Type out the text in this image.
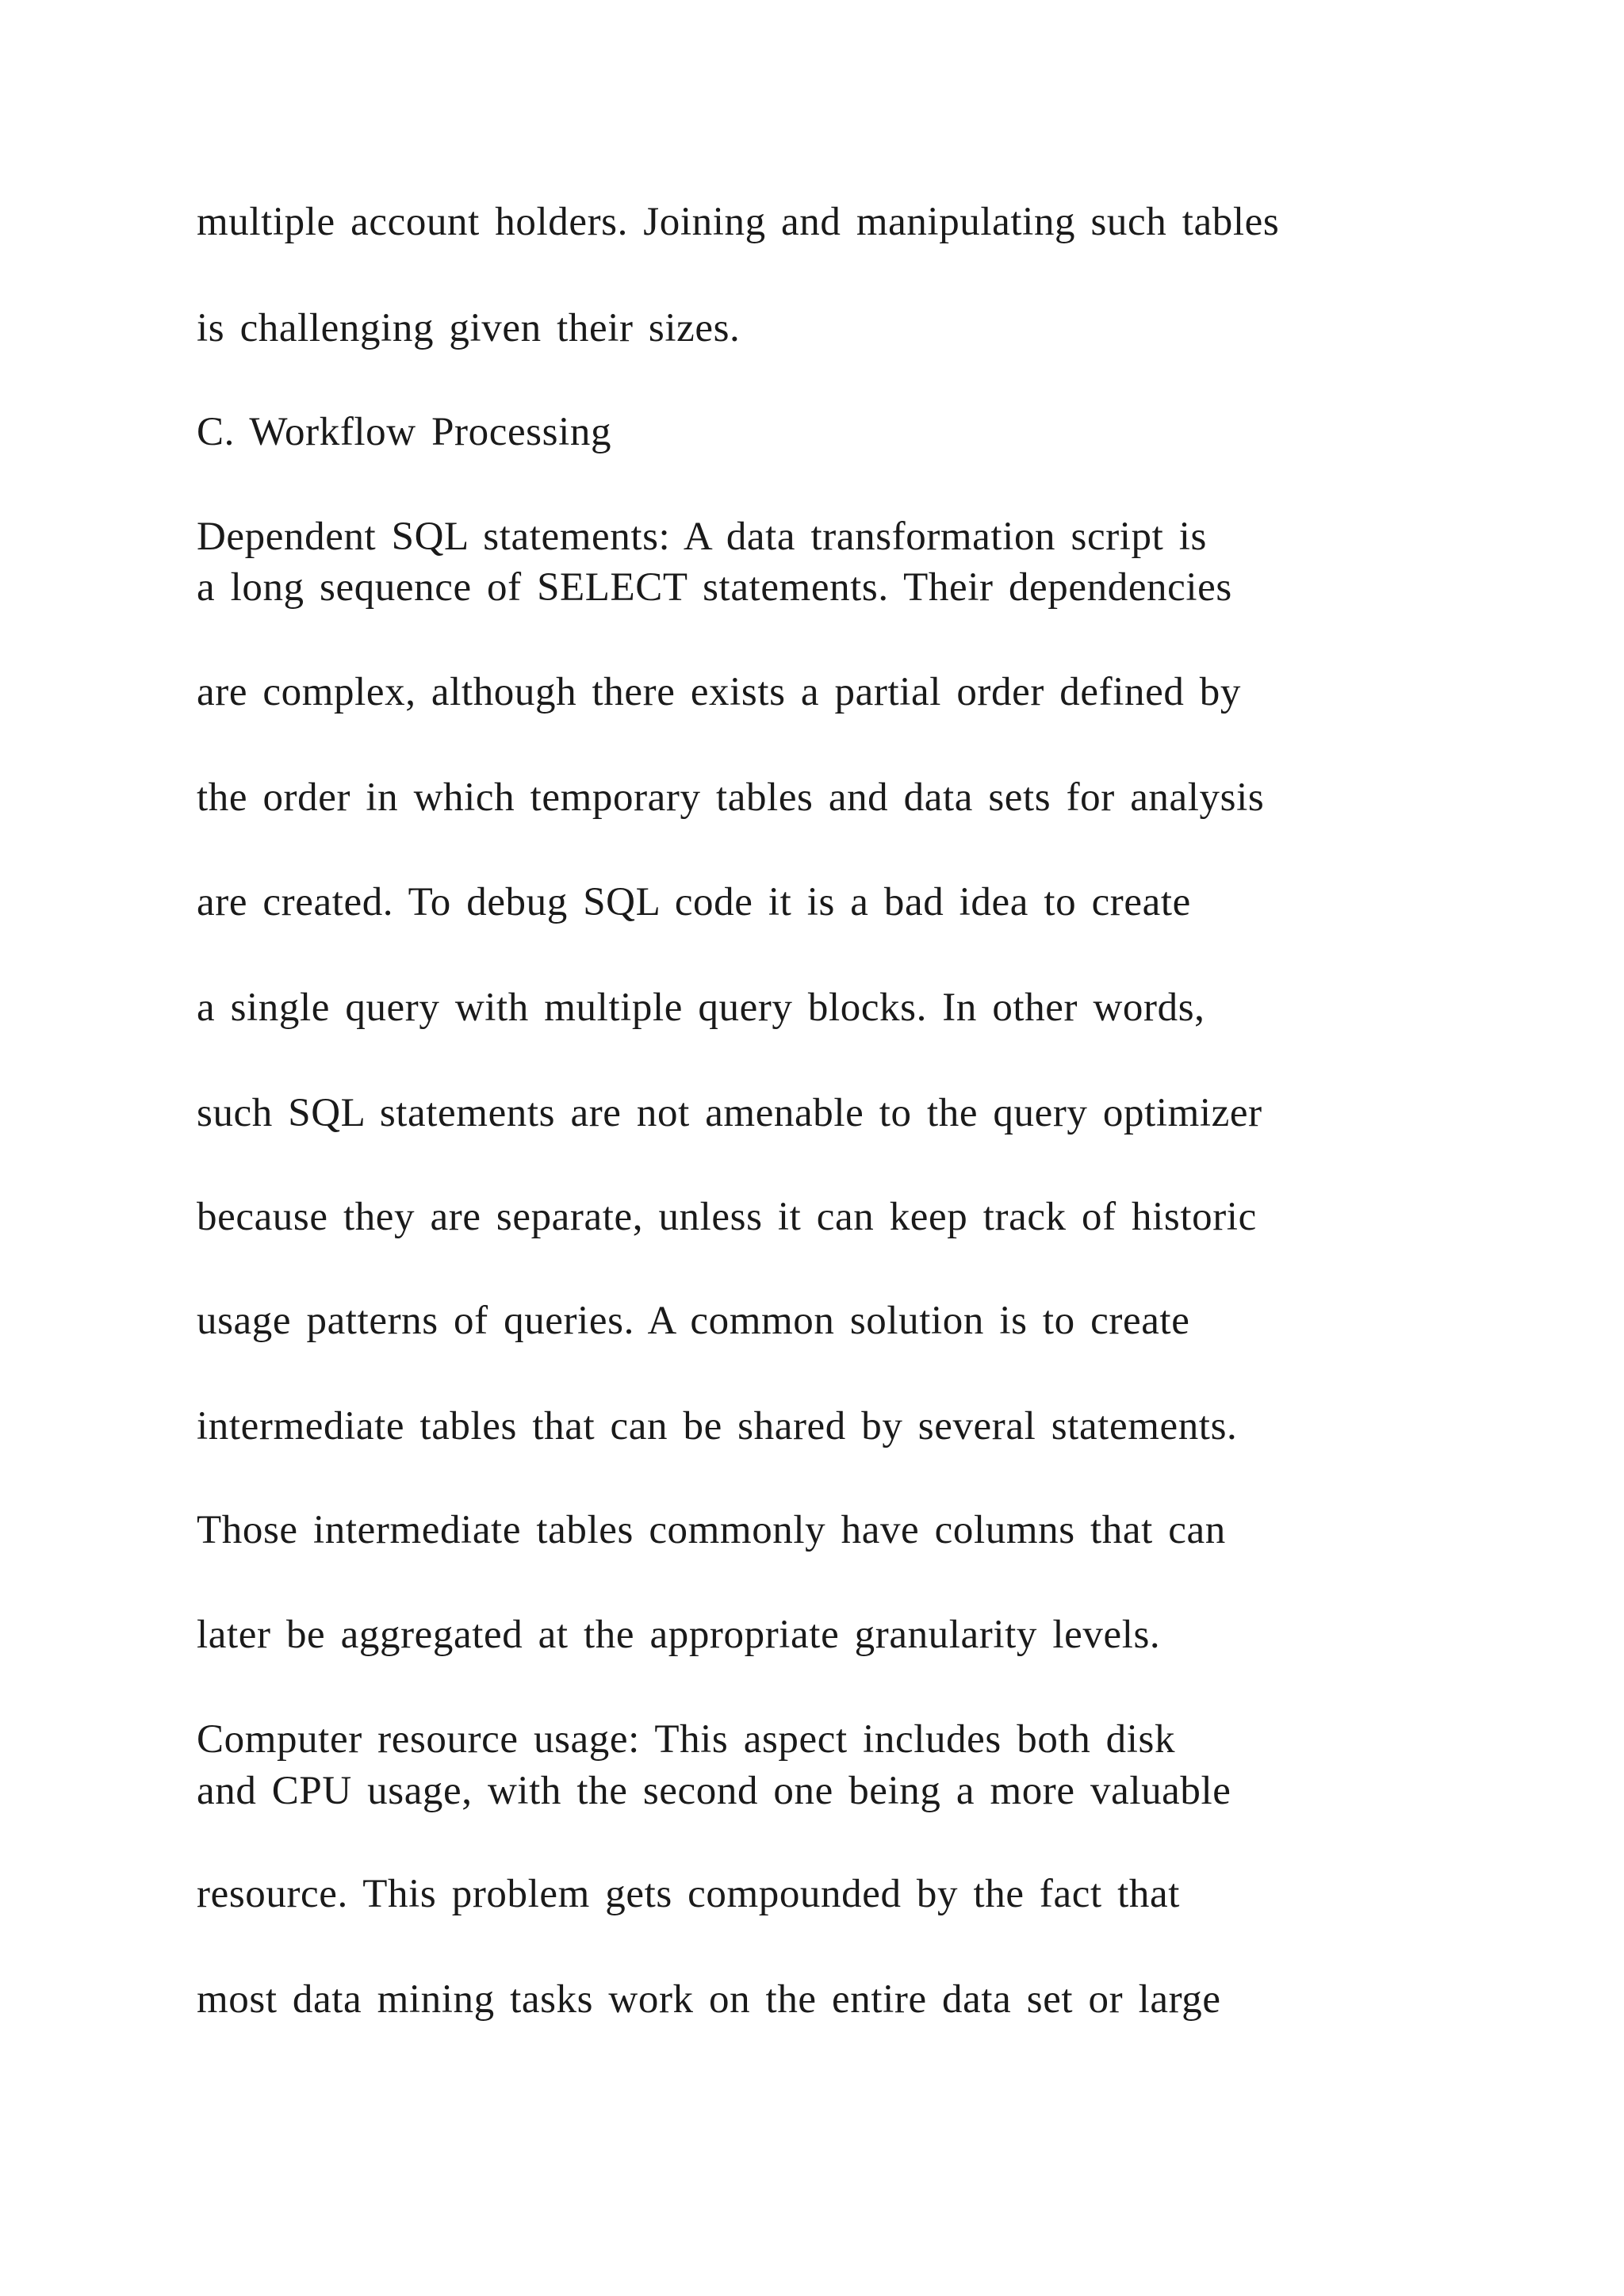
multiple account holders. Joining and manipulating such tables

is challenging given their sizes.

C. Workflow Processing

Dependent SQL statements: A data transformation script is

a long sequence of SELECT statements. Their dependencies

are complex, although there exists a partial order defined by

the order in which temporary tables and data sets for analysis

are created. To debug SQL code it is a bad idea to create

a single query with multiple query blocks. In other words,

such SQL statements are not amenable to the query optimizer

because they are separate, unless it can keep track of historic

usage patterns of queries. A common solution is to create

intermediate tables that can be shared by several statements.

Those intermediate tables commonly have columns that can

later be aggregated at the appropriate granularity levels.

Computer resource usage: This aspect includes both disk

and CPU usage, with the second one being a more valuable

resource. This problem gets compounded by the fact that

most data mining tasks work on the entire data set or large
